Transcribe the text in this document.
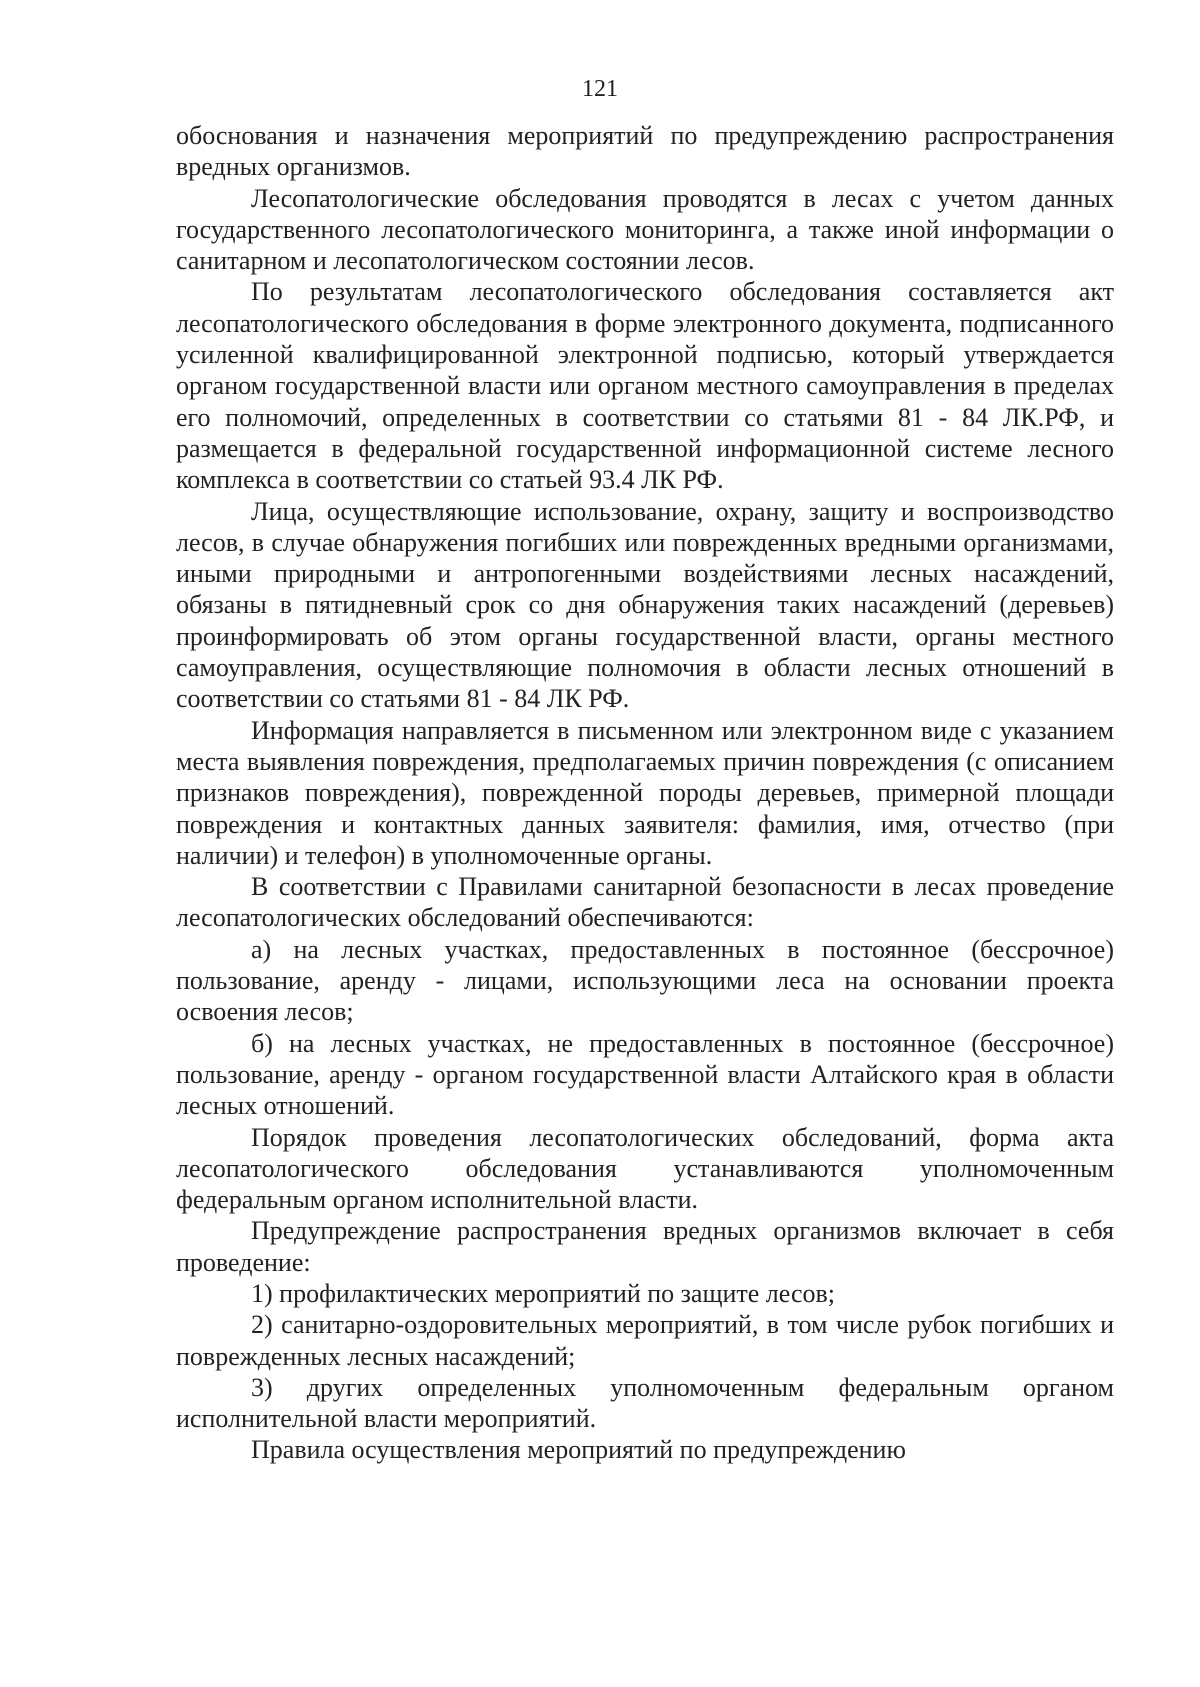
121

обоснования и назначения мероприятий по предупреждению распространения вредных организмов.

Лесопатологические обследования проводятся в лесах с учетом данных государственного лесопатологического мониторинга, а также иной информации о санитарном и лесопатологическом состоянии лесов.

По результатам лесопатологического обследования составляется акт лесопатологического обследования в форме электронного документа, подписанного усиленной квалифицированной электронной подписью, который утверждается органом государственной власти или органом местного самоуправления в пределах его полномочий, определенных в соответствии со статьями 81 - 84 ЛК.РФ, и размещается в федеральной государственной информационной системе лесного комплекса в соответствии со статьей 93.4 ЛК РФ.

Лица, осуществляющие использование, охрану, защиту и воспроизводство лесов, в случае обнаружения погибших или поврежденных вредными организмами, иными природными и антропогенными воздействиями лесных насаждений, обязаны в пятидневный срок со дня обнаружения таких насаждений (деревьев) проинформировать об этом органы государственной власти, органы местного самоуправления, осуществляющие полномочия в области лесных отношений в соответствии со статьями 81 - 84 ЛК РФ.

Информация направляется в письменном или электронном виде с указанием места выявления повреждения, предполагаемых причин повреждения (с описанием признаков повреждения), поврежденной породы деревьев, примерной площади повреждения и контактных данных заявителя: фамилия, имя, отчество (при наличии) и телефон) в уполномоченные органы.

В соответствии с Правилами санитарной безопасности в лесах проведение лесопатологических обследований обеспечиваются:

а) на лесных участках, предоставленных в постоянное (бессрочное) пользование, аренду - лицами, использующими леса на основании проекта освоения лесов;

б) на лесных участках, не предоставленных в постоянное (бессрочное) пользование, аренду - органом государственной власти Алтайского края в области лесных отношений.

Порядок проведения лесопатологических обследований, форма акта лесопатологического обследования устанавливаются уполномоченным федеральным органом исполнительной власти.

Предупреждение распространения вредных организмов включает в себя проведение:

1) профилактических мероприятий по защите лесов;

2) санитарно-оздоровительных мероприятий, в том числе рубок погибших и поврежденных лесных насаждений;

3) других определенных уполномоченным федеральным органом исполнительной власти мероприятий.

Правила осуществления мероприятий по предупреждению
